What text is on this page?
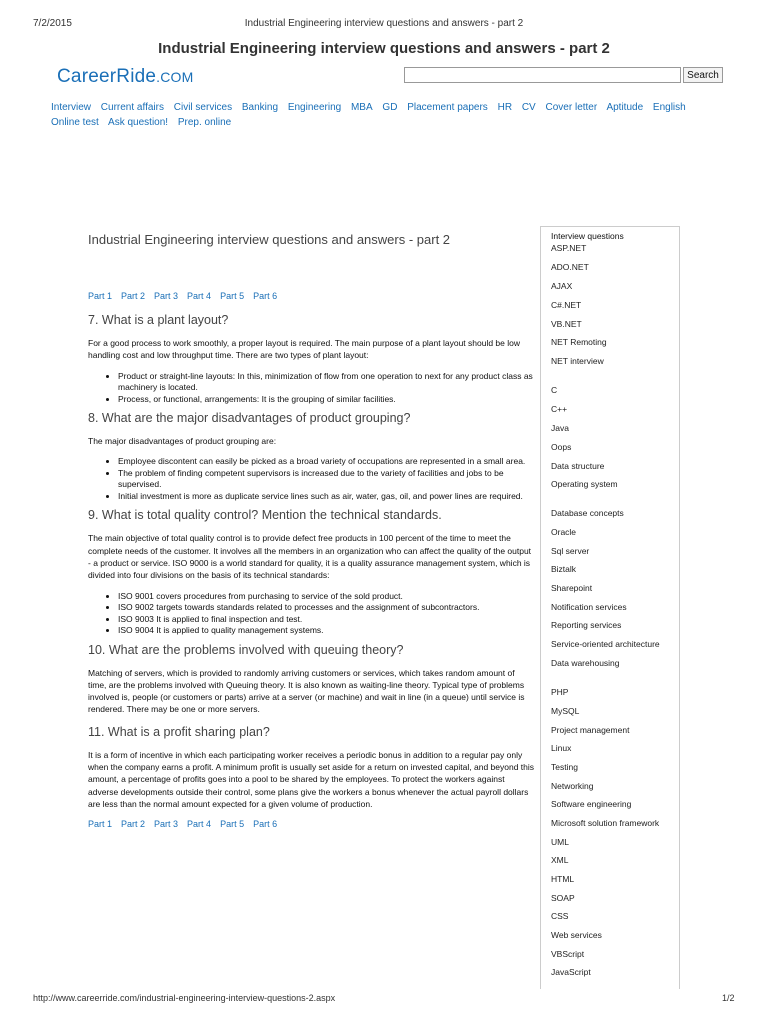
7/2/2015	Industrial Engineering interview questions and answers - part 2
Industrial Engineering interview questions and answers - part 2
CareerRide.COM	Search
Interview Current affairs Civil services Banking Engineering MBA GD Placement papers HR CV Cover letter Aptitude English Online test Ask question! Prep. online
Industrial Engineering interview questions and answers - part 2
Part 1 Part 2 Part 3 Part 4 Part 5 Part 6
7. What is a plant layout?

For a good process to work smoothly, a proper layout is required. The main purpose of a plant layout should be low handling cost and low throughput time. There are two types of plant layout:

• Product or straight-line layouts: In this, minimization of flow from one operation to next for any product class as machinery is located.
• Process, or functional, arrangements: It is the grouping of similar facilities.
8. What are the major disadvantages of product grouping?

The major disadvantages of product grouping are:

• Employee discontent can easily be picked as a broad variety of occupations are represented in a small area.
• The problem of finding competent supervisors is increased due to the variety of facilities and jobs to be supervised.
• Initial investment is more as duplicate service lines such as air, water, gas, oil, and power lines are required.
9. What is total quality control? Mention the technical standards.

The main objective of total quality control is to provide defect free products in 100 percent of the time to meet the complete needs of the customer. It involves all the members in an organization who can affect the quality of the output - a product or service. ISO 9000 is a world standard for quality, it is a quality assurance management system, which is divided into four divisions on the basis of its technical standards:

• ISO 9001 covers procedures from purchasing to service of the sold product.
• ISO 9002 targets towards standards related to processes and the assignment of subcontractors.
• ISO 9003 It is applied to final inspection and test.
• ISO 9004 It is applied to quality management systems.
10. What are the problems involved with queuing theory?

Matching of servers, which is provided to randomly arriving customers or services, which takes random amount of time, are the problems involved with Queuing theory. It is also known as waiting-line theory. Typical type of problems involved is, people (or customers or parts) arrive at a server (or machine) and wait in line (in a queue) until service is rendered. There may be one or more servers.

11. What is a profit sharing plan?

It is a form of incentive in which each participating worker receives a periodic bonus in addition to a regular pay only when the company earns a profit. A minimum profit is usually set aside for a return on invested capital, and beyond this amount, a percentage of profits goes into a pool to be shared by the employees. To protect the workers against adverse developments outside their control, some plans give the workers a bonus whenever the actual payroll dollars are less than the normal amount expected for a given volume of production.

Part 1 Part 2 Part 3 Part 4 Part 5 Part 6
Interview questions
ASP.NET
ADO.NET
AJAX
C#.NET
VB.NET
NET Remoting
NET interview
C
C++
Java
Oops
Data structure
Operating system
Database concepts
Oracle
Sql server
Biztalk
Sharepoint
Notification services
Reporting services
Service-oriented architecture
Data warehousing
PHP
MySQL
Project management
Linux
Testing
Networking
Software engineering
Microsoft solution framework
UML
XML
HTML
SOAP
CSS
Web services
VBScript
JavaScript
http://www.careerride.com/industrial-engineering-interview-questions-2.aspx	1/2
